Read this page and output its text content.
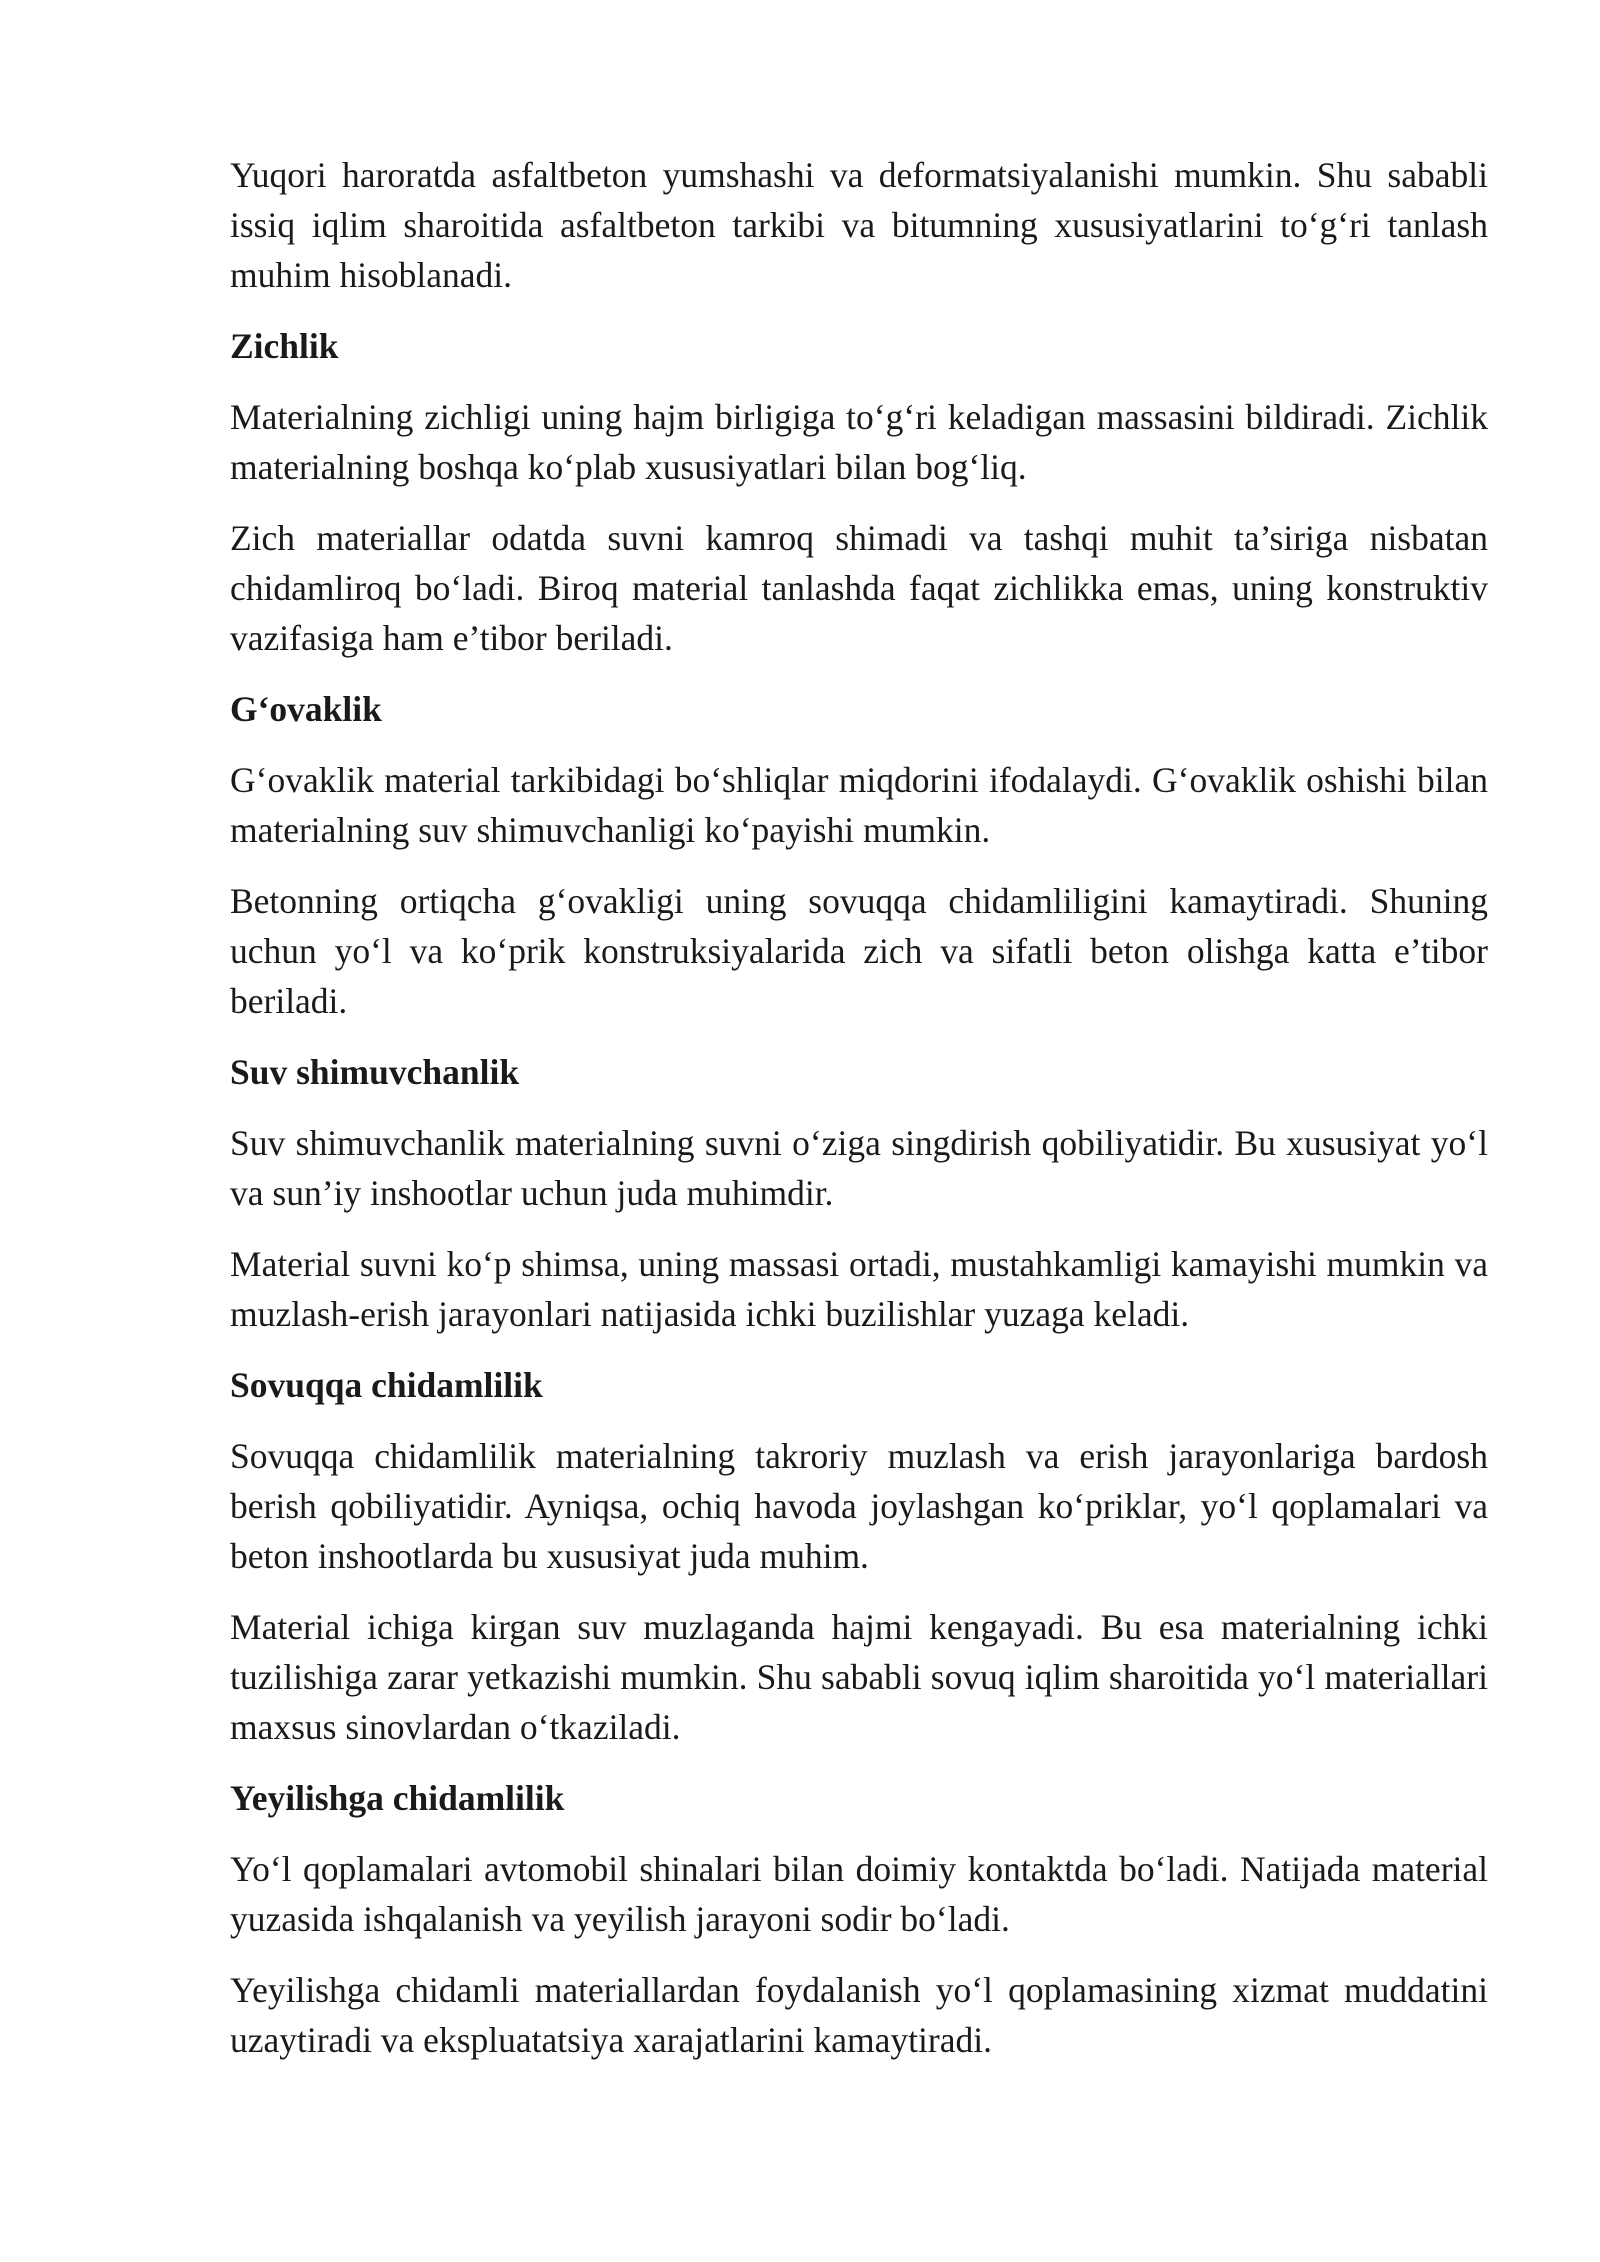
Yuqori haroratda asfaltbeton yumshashi va deformatsiyalanishi mumkin. Shu sababli issiq iqlim sharoitida asfaltbeton tarkibi va bitumning xususiyatlarini to‘g‘ri tanlash muhim hisoblanadi.

Zichlik

Materialning zichligi uning hajm birligiga to‘g‘ri keladigan massasini bildiradi. Zichlik materialning boshqa ko‘plab xususiyatlari bilan bog‘liq.

Zich materiallar odatda suvni kamroq shimadi va tashqi muhit ta’siriga nisbatan chidamliroq bo‘ladi. Biroq material tanlashda faqat zichlikka emas, uning konstruktiv vazifasiga ham e’tibor beriladi.

G‘ovaklik

G‘ovaklik material tarkibidagi bo‘shliqlar miqdorini ifodalaydi. G‘ovaklik oshishi bilan materialning suv shimuvchanligi ko‘payishi mumkin.

Betonning ortiqcha g‘ovakligi uning sovuqqa chidamliligini kamaytiradi. Shuning uchun yo‘l va ko‘prik konstruksiyalarida zich va sifatli beton olishga katta e’tibor beriladi.

Suv shimuvchanlik

Suv shimuvchanlik materialning suvni o‘ziga singdirish qobiliyatidir. Bu xususiyat yo‘l va sun’iy inshootlar uchun juda muhimdir.

Material suvni ko‘p shimsa, uning massasi ortadi, mustahkamligi kamayishi mumkin va muzlash-erish jarayonlari natijasida ichki buzilishlar yuzaga keladi.

Sovuqqa chidamlilik

Sovuqqa chidamlilik materialning takroriy muzlash va erish jarayonlariga bardosh berish qobiliyatidir. Ayniqsa, ochiq havoda joylashgan ko‘priklar, yo‘l qoplamalari va beton inshootlarda bu xususiyat juda muhim.

Material ichiga kirgan suv muzlaganda hajmi kengayadi. Bu esa materialning ichki tuzilishiga zarar yetkazishi mumkin. Shu sababli sovuq iqlim sharoitida yo‘l materiallari maxsus sinovlardan o‘tkaziladi.

Yeyilishga chidamlilik

Yo‘l qoplamalari avtomobil shinalari bilan doimiy kontaktda bo‘ladi. Natijada material yuzasida ishqalanish va yeyilish jarayoni sodir bo‘ladi.

Yeyilishga chidamli materiallardan foydalanish yo‘l qoplamasining xizmat muddatini uzaytiradi va ekspluatatsiya xarajatlarini kamaytiradi.
